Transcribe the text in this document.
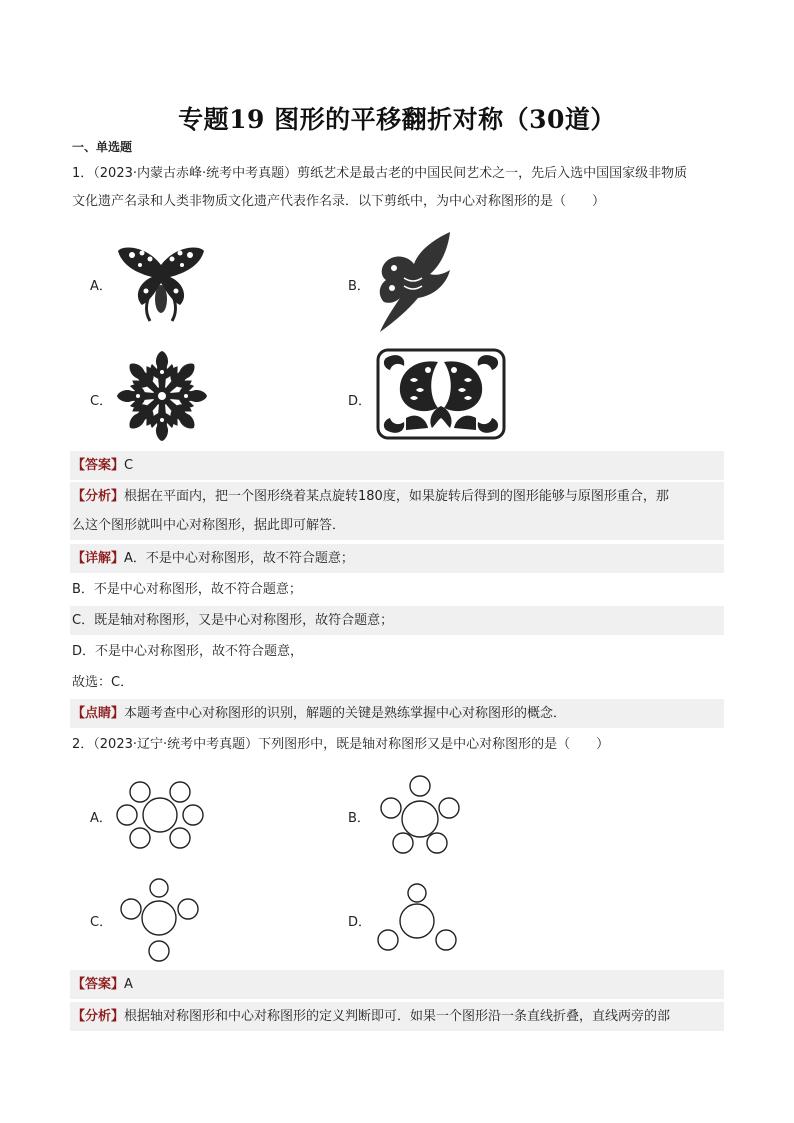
专题19 图形的平移翻折对称（30道）
一、单选题
1．（2023·内蒙古赤峰·统考中考真题）剪纸艺术是最古老的中国民间艺术之一，先后入选中国国家级非物质
文化遗产名录和人类非物质文化遗产代表作名录．以下剪纸中，为中心对称图形的是（　　）
A．	B．
C．	D．
【答案】C
【分析】根据在平面内，把一个图形绕着某点旋转180度，如果旋转后得到的图形能够与原图形重合，那
么这个图形就叫中心对称图形，据此即可解答．
【详解】A．不是中心对称图形，故不符合题意；
B．不是中心对称图形，故不符合题意；
C．既是轴对称图形，又是中心对称图形，故符合题意；
D．不是中心对称图形，故不符合题意，
故选：C．
【点睛】本题考查中心对称图形的识别，解题的关键是熟练掌握中心对称图形的概念．
2．（2023·辽宁·统考中考真题）下列图形中，既是轴对称图形又是中心对称图形的是（　　）
A．	B．
C．	D．
【答案】A
【分析】根据轴对称图形和中心对称图形的定义判断即可．如果一个图形沿一条直线折叠，直线两旁的部
